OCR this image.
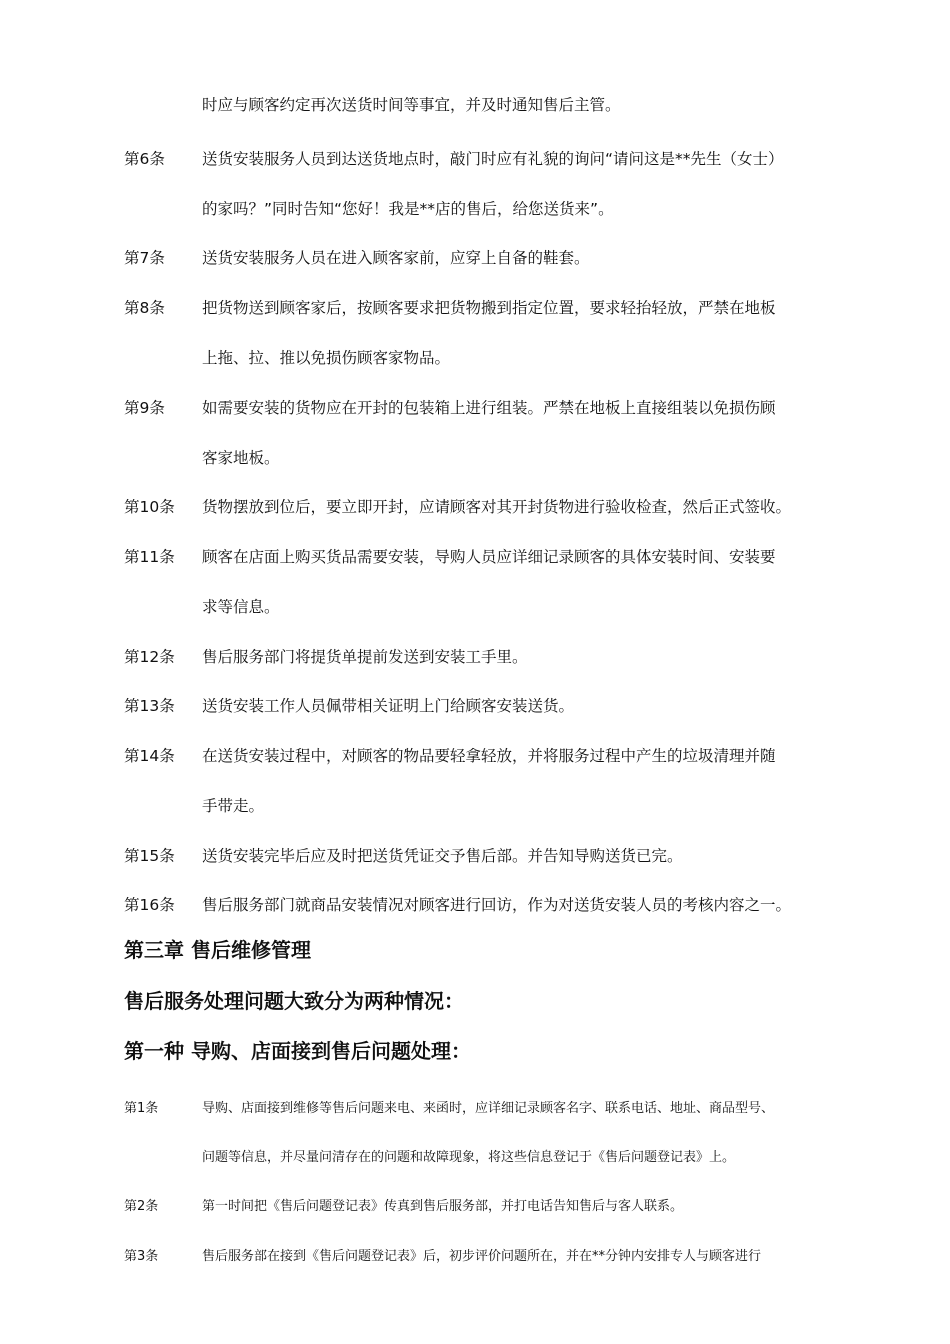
时应与顾客约定再次送货时间等事宜，并及时通知售后主管。
第6条 送货安装服务人员到达送货地点时，敲门时应有礼貌的询问“请问这是**先生（女士）
的家吗？”同时告知“您好！我是**店的售后，给您送货来”。
第7条 送货安装服务人员在进入顾客家前，应穿上自备的鞋套。
第8条 把货物送到顾客家后，按顾客要求把货物搬到指定位置，要求轻抬轻放，严禁在地板
上拖、拉、推以免损伤顾客家物品。
第9条 如需要安装的货物应在开封的包装箱上进行组装。严禁在地板上直接组装以免损伤顾
客家地板。
第10条 货物摆放到位后，要立即开封，应请顾客对其开封货物进行验收检查，然后正式签收。
第11条 顾客在店面上购买货品需要安装，导购人员应详细记录顾客的具体安装时间、安装要
求等信息。
第12条 售后服务部门将提货单提前发送到安装工手里。
第13条 送货安装工作人员佩带相关证明上门给顾客安装送货。
第14条 在送货安装过程中，对顾客的物品要轻拿轻放，并将服务过程中产生的垃圾清理并随
手带走。
第15条 送货安装完毕后应及时把送货凭证交予售后部。并告知导购送货已完。
第16条 售后服务部门就商品安装情况对顾客进行回访，作为对送货安装人员的考核内容之一。
第三章 售后维修管理
售后服务处理问题大致分为两种情况：
第一种 导购、店面接到售后问题处理：
第1条	导购、店面接到维修等售后问题来电、来函时，应详细记录顾客名字、联系电话、地址、商品型号、
问题等信息，并尽量问清存在的问题和故障现象，将这些信息登记于《售后问题登记表》上。
第2条	第一时间把《售后问题登记表》传真到售后服务部，并打电话告知售后与客人联系。
第3条	售后服务部在接到《售后问题登记表》后，初步评价问题所在，并在**分钟内安排专人与顾客进行
